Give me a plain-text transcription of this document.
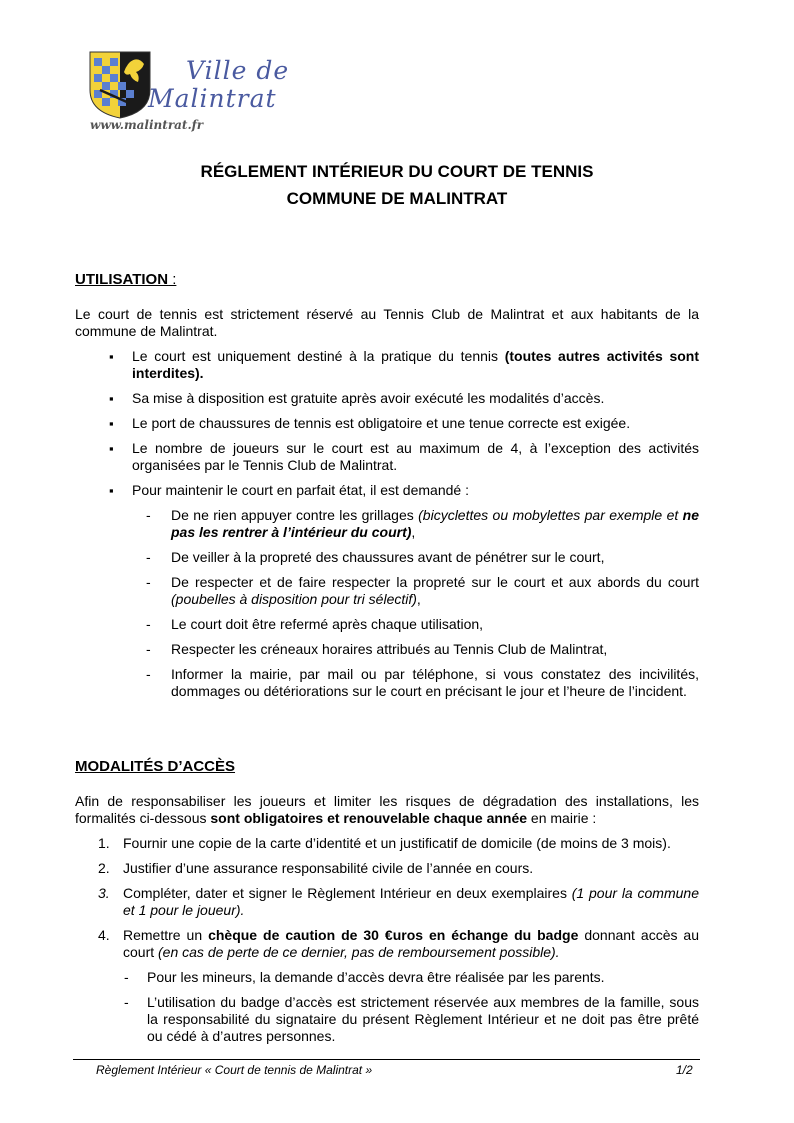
Ville de
Malintrat
www.malintrat.fr
RÉGLEMENT INTÉRIEUR DU COURT DE TENNIS
COMMUNE DE MALINTRAT
UTILISATION :
Le court de tennis est strictement réservé au Tennis Club de Malintrat et aux habitants de la commune de Malintrat.
▪ Le court est uniquement destiné à la pratique du tennis (toutes autres activités sont interdites).
▪ Sa mise à disposition est gratuite après avoir exécuté les modalités d’accès.
▪ Le port de chaussures de tennis est obligatoire et une tenue correcte est exigée.
▪ Le nombre de joueurs sur le court est au maximum de 4, à l’exception des activités organisées par le Tennis Club de Malintrat.
▪ Pour maintenir le court en parfait état, il est demandé :
- De ne rien appuyer contre les grillages (bicyclettes ou mobylettes par exemple et ne pas les rentrer à l’intérieur du court),
- De veiller à la propreté des chaussures avant de pénétrer sur le court,
- De respecter et de faire respecter la propreté sur le court et aux abords du court (poubelles à disposition pour tri sélectif),
- Le court doit être refermé après chaque utilisation,
- Respecter les créneaux horaires attribués au Tennis Club de Malintrat,
- Informer la mairie, par mail ou par téléphone, si vous constatez des incivilités, dommages ou détériorations sur le court en précisant le jour et l’heure de l’incident.
MODALITÉS D’ACCÈS
Afin de responsabiliser les joueurs et limiter les risques de dégradation des installations, les formalités ci-dessous sont obligatoires et renouvelable chaque année en mairie :
1. Fournir une copie de la carte d’identité et un justificatif de domicile (de moins de 3 mois).
2. Justifier d’une assurance responsabilité civile de l’année en cours.
3. Compléter, dater et signer le Règlement Intérieur en deux exemplaires (1 pour la commune et 1 pour le joueur).
4. Remettre un chèque de caution de 30 €uros en échange du badge donnant accès au court (en cas de perte de ce dernier, pas de remboursement possible).
- Pour les mineurs, la demande d’accès devra être réalisée par les parents.
- L’utilisation du badge d’accès est strictement réservée aux membres de la famille, sous la responsabilité du signataire du présent Règlement Intérieur et ne doit pas être prêté ou cédé à d’autres personnes.
Règlement Intérieur « Court de tennis de Malintrat »	1/2
